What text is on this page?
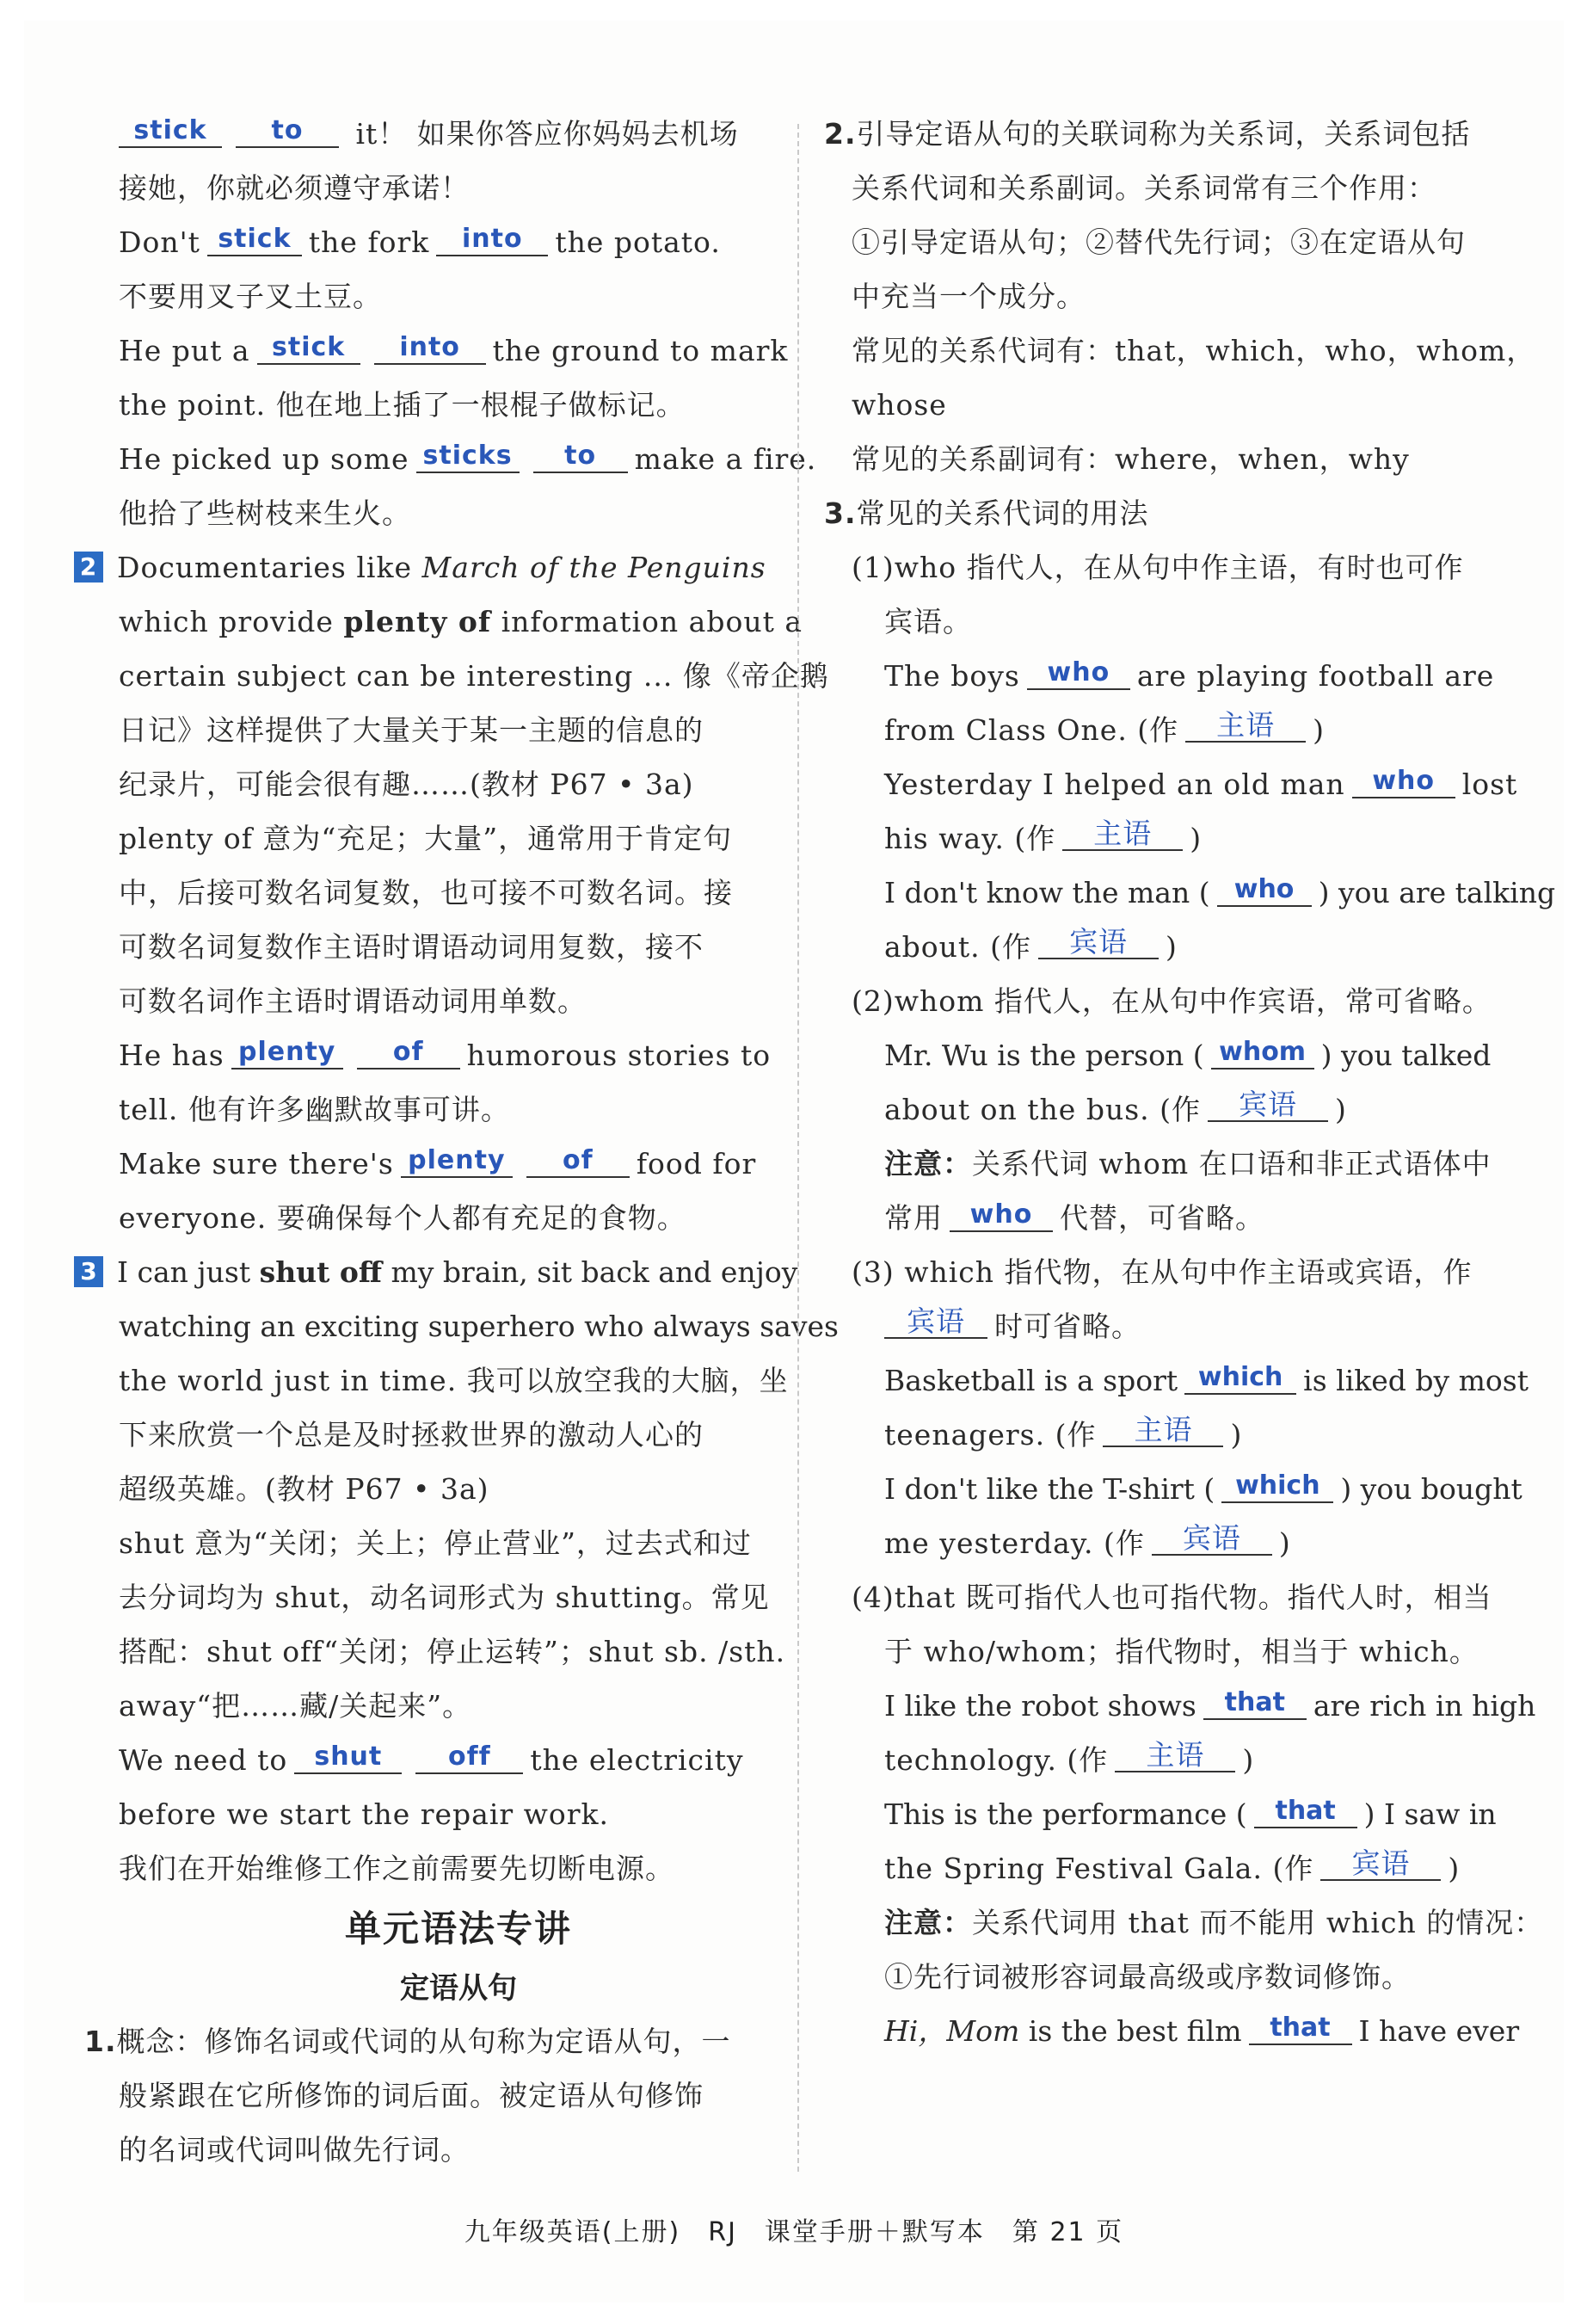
stick to it！ 如果你答应你妈妈去机场
接她，你就必须遵守承诺！
Don't stick the fork into the potato.
不要用叉子叉土豆。
He put a stick into the ground to mark
the point. 他在地上插了一根棍子做标记。
He picked up some sticks to make a fire.
他拾了些树枝来生火。
2 Documentaries like March of the Penguins
which provide plenty of information about a
certain subject can be interesting ... 像《帝企鹅
日记》这样提供了大量关于某一主题的信息的
纪录片，可能会很有趣……(教材 P67 • 3a)
plenty of 意为“充足；大量”，通常用于肯定句
中，后接可数名词复数，也可接不可数名词。接
可数名词复数作主语时谓语动词用复数，接不
可数名词作主语时谓语动词用单数。
He has plenty of humorous stories to
tell. 他有许多幽默故事可讲。
Make sure there's plenty of food for
everyone. 要确保每个人都有充足的食物。
3 I can just shut off my brain, sit back and enjoy
watching an exciting superhero who always saves
the world just in time. 我可以放空我的大脑，坐
下来欣赏一个总是及时拯救世界的激动人心的
超级英雄。(教材 P67 • 3a)
shut 意为“关闭；关上；停止营业”，过去式和过
去分词均为 shut，动名词形式为 shutting。常见
搭配：shut off“关闭；停止运转”；shut sb. /sth.
away“把……藏/关起来”。
We need to shut	off the electricity
before we start the repair work.
我们在开始维修工作之前需要先切断电源。
单元语法专讲
定语从句
1.概念：修饰名词或代词的从句称为定语从句，一
般紧跟在它所修饰的词后面。被定语从句修饰
的名词或代词叫做先行词。
2.引导定语从句的关联词称为关系词，关系词包括
关系代词和关系副词。关系词常有三个作用：
①引导定语从句；②替代先行词；③在定语从句
中充当一个成分。
常见的关系代词有：that，which，who，whom，
whose
常见的关系副词有：where，when，why
3.常见的关系代词的用法
(1)who 指代人，在从句中作主语，有时也可作
宾语。
The boys who are playing football are
from Class One. (作 主语 )
Yesterday I helped an old man who lost
his way. (作 主语 )
I don't know the man ( who ) you are talking
about. (作 宾语 )
(2)whom 指代人，在从句中作宾语，常可省略。
Mr. Wu is the person ( whom ) you talked
about on the bus. (作 宾语 )
注意：关系代词 whom 在口语和非正式语体中
常用 who 代替，可省略。
(3) which 指代物，在从句中作主语或宾语，作
宾语 时可省略。
Basketball is a sport which is liked by most
teenagers. (作 主语 )
I don't like the T-shirt ( which ) you bought
me yesterday. (作 宾语 )
(4)that 既可指代人也可指代物。指代人时，相当
于 who/whom；指代物时，相当于 which。
I like the robot shows that are rich in high
technology. (作 主语 )
This is the performance ( that ) I saw in
the Spring Festival Gala. (作 宾语 )
注意：关系代词用 that 而不能用 which 的情况：
①先行词被形容词最高级或序数词修饰。
Hi，Mom is the best film that I have ever
九年级英语(上册)　RJ　课堂手册＋默写本　第 21 页
